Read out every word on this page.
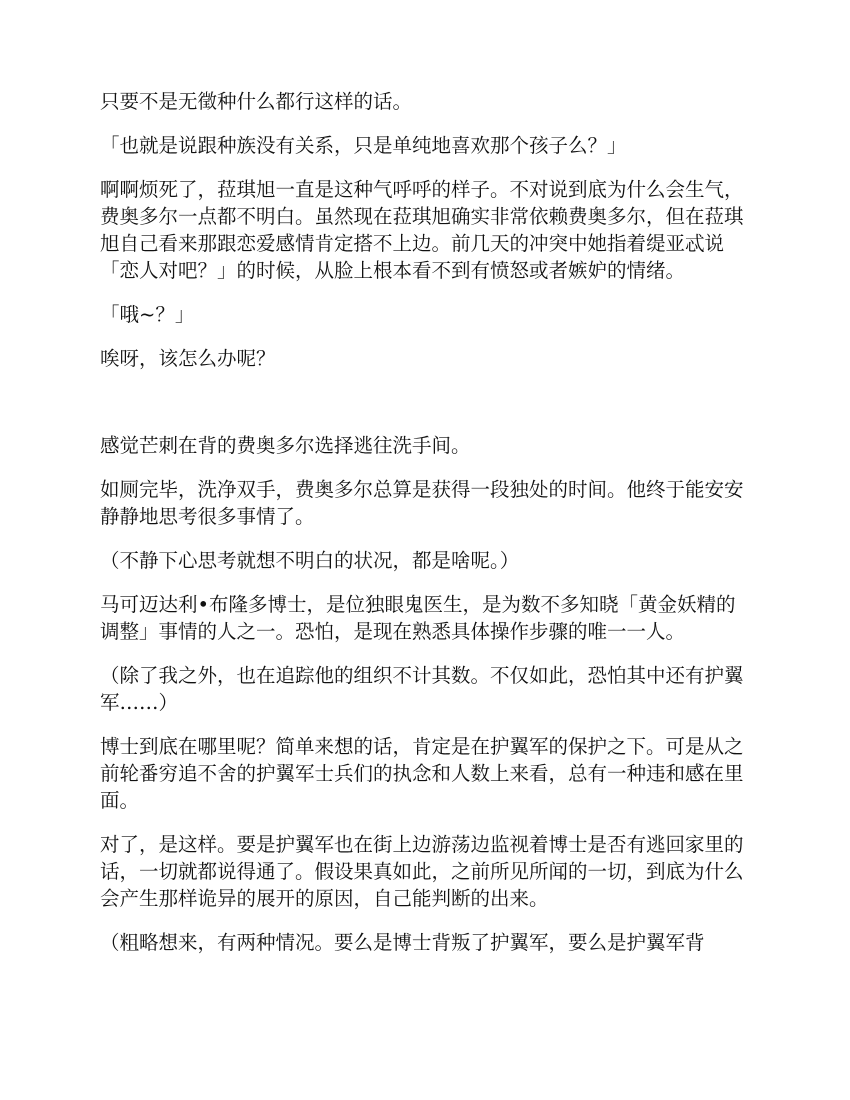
只要不是无徵种什么都行这样的话。

「也就是说跟种族没有关系，只是单纯地喜欢那个孩子么？」

啊啊烦死了，菈琪旭一直是这种气呼呼的样子。不对说到底为什么会生气，费奥多尔一点都不明白。虽然现在菈琪旭确实非常依赖费奥多尔，但在菈琪旭自己看来那跟恋爱感情肯定搭不上边。前几天的冲突中她指着缇亚忒说「恋人对吧？」的时候，从脸上根本看不到有愤怒或者嫉妒的情绪。

「哦~？」

唉呀，该怎么办呢？

感觉芒刺在背的费奥多尔选择逃往洗手间。

如厕完毕，洗净双手，费奥多尔总算是获得一段独处的时间。他终于能安安静静地思考很多事情了。

（不静下心思考就想不明白的状况，都是啥呢。）

马可迈达利•布隆多博士，是位独眼鬼医生，是为数不多知晓「黄金妖精的调整」事情的人之一。恐怕，是现在熟悉具体操作步骤的唯一一人。

（除了我之外，也在追踪他的组织不计其数。不仅如此，恐怕其中还有护翼军……）

博士到底在哪里呢？简单来想的话，肯定是在护翼军的保护之下。可是从之前轮番穷追不舍的护翼军士兵们的执念和人数上来看，总有一种违和感在里面。

对了，是这样。要是护翼军也在街上边游荡边监视着博士是否有逃回家里的话，一切就都说得通了。假设果真如此，之前所见所闻的一切，到底为什么会产生那样诡异的展开的原因，自己能判断的出来。

（粗略想来，有两种情况。要么是博士背叛了护翼军，要么是护翼军背
